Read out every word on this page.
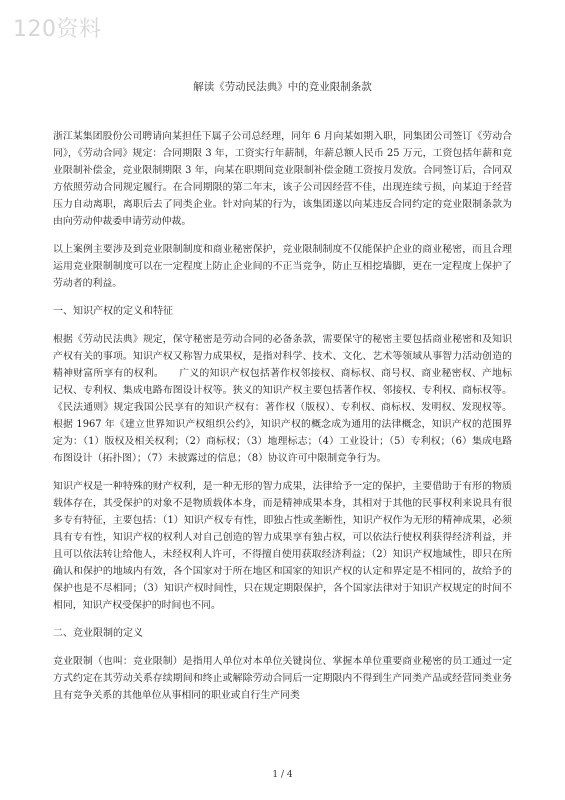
120资料
解读《劳动民法典》中的竞业限制条款

浙江某集团股份公司聘请向某担任下属子公司总经理，同年 6 月向某如期入职，同集团公司签订《劳动合同》，《劳动合同》规定：合同期限 3 年，工资实行年薪制，年薪总额人民币 25 万元，工资包括年薪和竞业限制补偿金，竞业限制期限 3 年，向某在职期间竞业限制补偿金随工资按月发放。合同签订后，合同双方依照劳动合同规定履行。在合同期限的第二年末，该子公司因经营不佳，出现连续亏损，向某迫于经营压力自动离职，离职后去了同类企业。针对向某的行为，该集团遂以向某违反合同约定的竞业限制条款为由向劳动仲裁委申请劳动仲裁。

以上案例主要涉及到竞业限制制度和商业秘密保护，竞业限制制度不仅能保护企业的商业秘密，而且合理运用竞业限制制度可以在一定程度上防止企业间的不正当竞争，防止互相挖墙脚，更在一定程度上保护了劳动者的利益。

一、知识产权的定义和特征

根据《劳动民法典》规定，保守秘密是劳动合同的必备条款，需要保守的秘密主要包括商业秘密和及知识产权有关的事项。知识产权又称智力成果权，是指对科学、技术、文化、艺术等领域从事智力活动创造的精神财富所享有的权利。　　广义的知识产权包括著作权邻接权、商标权、商号权、商业秘密权、产地标记权、专利权、集成电路布图设计权等。狭义的知识产权主要包括著作权、邻接权、专利权、商标权等。《民法通则》规定我国公民享有的知识产权有：著作权（版权）、专利权、商标权、发明权、发现权等。根据 1967 年《建立世界知识产权组织公约》，知识产权的概念成为通用的法律概念，知识产权的范围界定为：（1）版权及相关权利；（2）商标权；（3）地理标志；（4）工业设计；（5）专利权；（6）集成电路布图设计（拓扑图）；（7）未披露过的信息；（8）协议许可中限制竞争行为。

知识产权是一种特殊的财产权利，是一种无形的智力成果，法律给予一定的保护，主要借助于有形的物质载体存在，其受保护的对象不是物质载体本身，而是精神成果本身，其相对于其他的民事权利来说具有很多专有特征，主要包括：（1）知识产权专有性，即独占性或垄断性，知识产权作为无形的精神成果，必须具有专有性，知识产权的权利人对自己创造的智力成果享有独占权，可以依法行使权利获得经济利益，并且可以依法转让给他人，未经权利人许可，不得擅自使用获取经济利益；（2）知识产权地域性，即只在所确认和保护的地域内有效，各个国家对于所在地区和国家的知识产权的认定和界定是不相同的，故给予的保护也是不尽相同；（3）知识产权时间性，只在规定期限保护，各个国家法律对于知识产权规定的时间不相同，知识产权受保护的时间也不同。

二、竞业限制的定义

竞业限制（也叫：竞业限制）是指用人单位对本单位关键岗位、掌握本单位重要商业秘密的员工通过一定方式约定在其劳动关系存续期间和终止或解除劳动合同后一定期限内不得到生产同类产品或经营同类业务且有竞争关系的其他单位从事相同的职业或自行生产同类

1 / 4
